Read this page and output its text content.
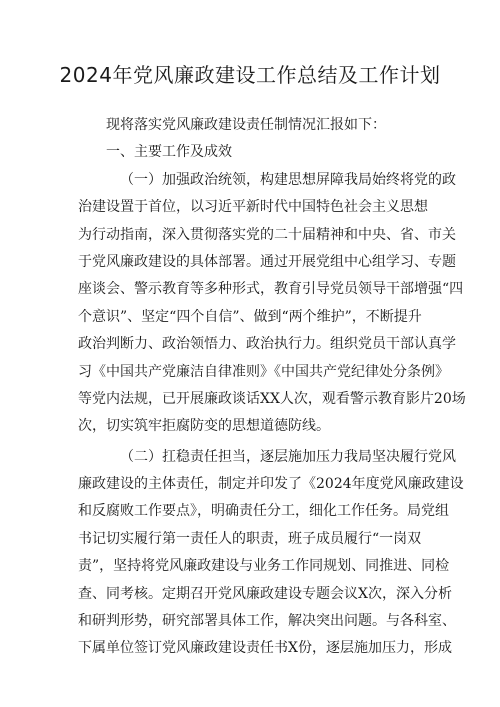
2024年党风廉政建设工作总结及工作计划
现将落实党风廉政建设责任制情况汇报如下：
一、主要工作及成效
（一）加强政治统领，构建思想屏障我局始终将党的政
治建设置于首位，以习近平新时代中国特色社会主义思想
为行动指南，深入贯彻落实党的二十届精神和中央、省、市关
于党风廉政建设的具体部署。通过开展党组中心组学习、专题
座谈会、警示教育等多种形式，教育引导党员领导干部增强“四
个意识”、坚定“四个自信”、做到“两个维护”，不断提升
政治判断力、政治领悟力、政治执行力。组织党员干部认真学
习《中国共产党廉洁自律准则》《中国共产党纪律处分条例》
等党内法规，已开展廉政谈话XX人次，观看警示教育影片20场
次，切实筑牢拒腐防变的思想道德防线。
（二）扛稳责任担当，逐层施加压力我局坚决履行党风
廉政建设的主体责任，制定并印发了《2024年度党风廉政建设
和反腐败工作要点》，明确责任分工，细化工作任务。局党组
书记切实履行第一责任人的职责，班子成员履行“一岗双
责”，坚持将党风廉政建设与业务工作同规划、同推进、同检
查、同考核。定期召开党风廉政建设专题会议X次，深入分析
和研判形势，研究部署具体工作，解决突出问题。与各科室、
下属单位签订党风廉政建设责任书X份，逐层施加压力，形成
